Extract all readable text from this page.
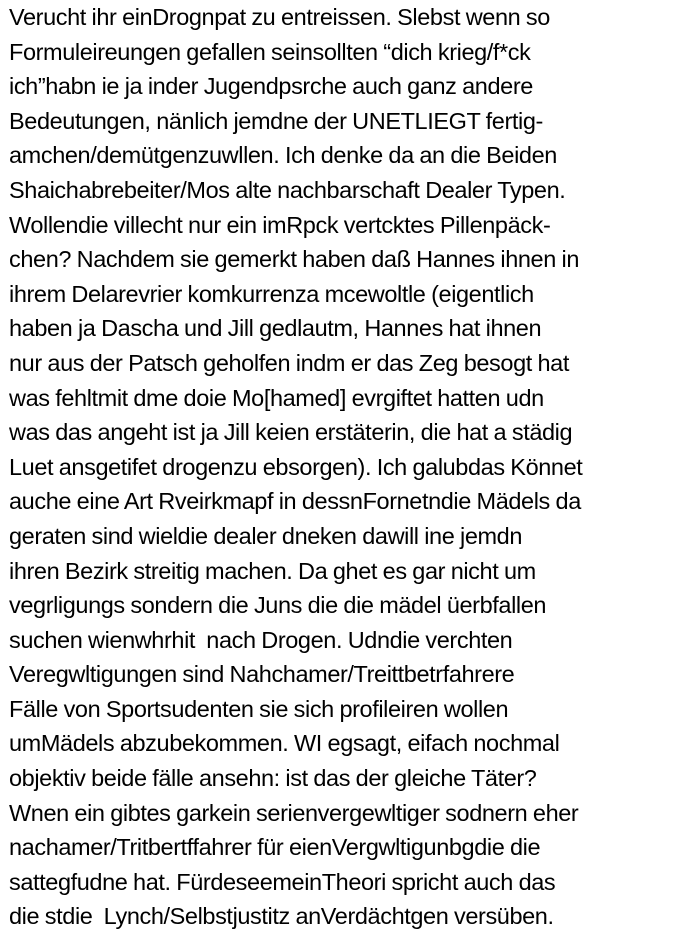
Verucht ihr einDrognpat zu entreissen. Slebst wenn so
Formuleireungen gefallen seinsollten “dich krieg/f*ck
ich”habn ie ja inder Jugendpsrche auch ganz andere
Bedeutungen, nänlich jemdne der UNETLIEGT fertig-
amchen/demütgenzuwllen. Ich denke da an die Beiden
Shaichabrebeiter/Mos alte nachbarschaft Dealer Typen.
Wollendie villecht nur ein imRpck vertcktes Pillenpäck-
chen? Nachdem sie gemerkt haben daß Hannes ihnen in
ihrem Delarevrier komkurrenza mcewoltle (eigentlich
haben ja Dascha und Jill gedlautm, Hannes hat ihnen
nur aus der Patsch geholfen indm er das Zeg besogt hat
was fehltmit dme doie Mo[hamed] evrgiftet hatten udn
was das angeht ist ja Jill keien erstäterin, die hat a städig
Luet ansgetifet drogenzu ebsorgen). Ich galubdas Könnet
auche eine Art Rveirkmapf in dessnFornetndie Mädels da
geraten sind wieldie dealer dneken dawill ine jemdn
ihren Bezirk streitig machen. Da ghet es gar nicht um
vegrligungs sondern die Juns die die mädel üerbfallen
suchen wienwhrhit  nach Drogen. Udndie verchten
Veregwltigungen sind Nahchamer/Treittbetrfahrere
Fälle von Sportsudenten sie sich profileiren wollen
umMädels abzubekommen. WI egsagt, eifach nochmal
objektiv beide fälle ansehn: ist das der gleiche Täter?
Wnen ein gibtes garkein serienvergewltiger sodnern eher
nachamer/Tritbertffahrer für eienVergwltigunbgdie die
sattegfudne hat. FürdeseemeinTheori spricht auch das
die stdie  Lynch/Selbstjustitz anVerdächtgen versüben.
